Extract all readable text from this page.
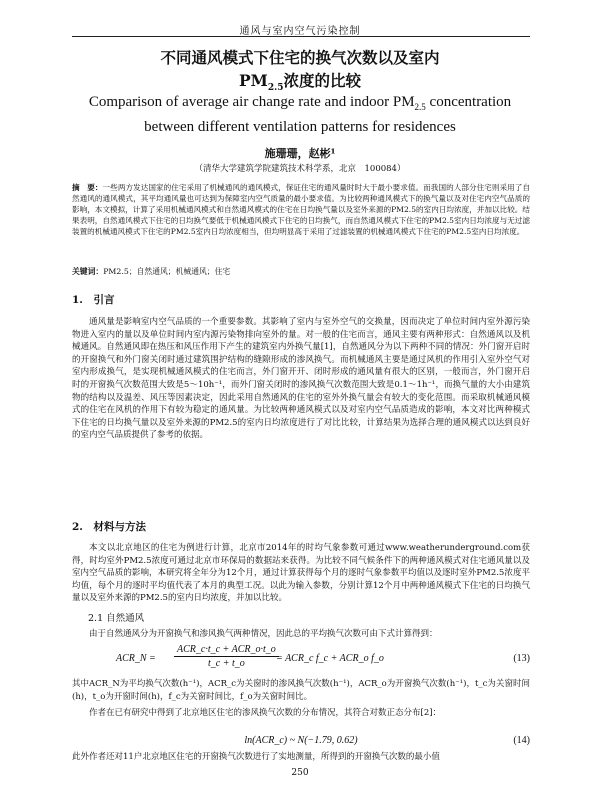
通风与室内空气污染控制
不同通风模式下住宅的换气次数以及室内
$PM_{2.5}$浓度的比较
Comparison of average air change rate and indoor $PM_{2.5}$ concentration
between different ventilation patterns for residences
施珊珊，赵彬¹
（清华大学建筑学院建筑技术科学系，北京　100084）
摘　要：一些两方发达国家的住宅采用了机械通风的通风模式，保证住宅的通风量时时大于最小要求值。而我国的人部分住宅则采用了自然通风的通风模式，其平均通风量也可达到为保障室内空气质量的最小要求值。为比较两种通风模式下的换气量以及对住宅内空气品质的影响，本文模拟，计算了采用机械通风模式和自然通风模式的住宅在日均换气量以及室外来源的PM2.5的室内日均浓度，并加以比较。结果表明，自然通风模式下住宅的日均换气要低于机械通风模式下住宅的日均换气，而自然通风模式下住宅的PM2.5室内日均浓度与无过滤装置的机械通风模式下住宅的PM2.5室内日均浓度相当，但均明显高于采用了过滤装置的机械通风模式下住宅的PM2.5室内日均浓度。
关键词：PM2.5；自然通风；机械通风；住宅
1.　引言
通风量是影响室内空气品质的一个重要参数。其影响了室内与室外空气的交换量，因而决定了单位时间内室外源污染物进入室内的量以及单位时间内室内源污染物排向室外的量。对一般的住宅而言，通风主要有两种形式：自然通风以及机械通风。自然通风即在热压和风压作用下产生的建筑室内外换气量[1]，自然通风分为以下两种不同的情况：外门窗开启时的开窗换气和外门窗关闭时通过建筑围护结构的缝隙形成的渗风换气。而机械通风主要是通过风机的作用引入室外空气对室内形成换气，是实现机械通风模式的住宅而言，外门窗开开、闭时形成的通风量有很大的区别，一般而言，外门窗开启时的开窗换气次数范围大致是5～10h⁻¹，而外门窗关闭时的渗风换气次数范围大致是0.1～1h⁻¹，而换气量的大小由建筑物的结构以及温差、风压等因素决定，因此采用自然通风的住宅的室外外换气量会有较大的变化范围。而采取机械通风模式的住宅在风机的作用下有较为稳定的通风量。为比较两种通风模式以及对室内空气品质造成的影响，本文对比两种模式下住宅的日均换气量以及室外来源的PM2.5的室内日均浓度进行了对比比较，计算结果为选择合理的通风模式以达到良好的室内空气品质提供了参考的依据。
2.　材料与方法
本文以北京地区的住宅为例进行计算，北京市2014年的时均气象参数可通过www.weatherunderground.com获得，时均室外PM2.5浓度可通过北京市环保局的数据站来获得。为比较不同气候条件下的两种通风模式对住宅通风量以及室内空气品质的影响，本研究将全年分为12个月，通过计算获得每个月的逐时气象参数平均值以及逐时室外PM2.5浓度平均值，每个月的逐时平均值代表了本月的典型工况。以此为输入参数，分别计算12个月中两种通风模式下住宅的日均换气量以及室外来源的PM2.5的室内日均浓度，并加以比较。
2.1 自然通风
由于自然通风分为开窗换气和渗风换气两种情况，因此总的平均换气次数可由下式计算得到：
ACR_N =
ACR_c·t_c + ACR_o·t_o
t_c + t_o	= ACR_c f_c + ACR_o f_o	(13)
其中ACR_N为平均换气次数(h⁻¹)，ACR_c为关窗时的渗风换气次数(h⁻¹)，ACR_o为开窗换气次数(h⁻¹)，t_c为关窗时间(h)，t_o为开窗时间(h)，f_c为关窗时间比，f_o为关窗时间比。
作者在已有研究中得到了北京地区住宅的渗风换气次数的分布情况，其符合对数正态分布[2]：
ln(ACR_c) ~ N(−1.79, 0.62)	(14)
此外作者还对11户北京地区住宅的开窗换气次数进行了实地测量，所得到的开窗换气次数的最小值
250
